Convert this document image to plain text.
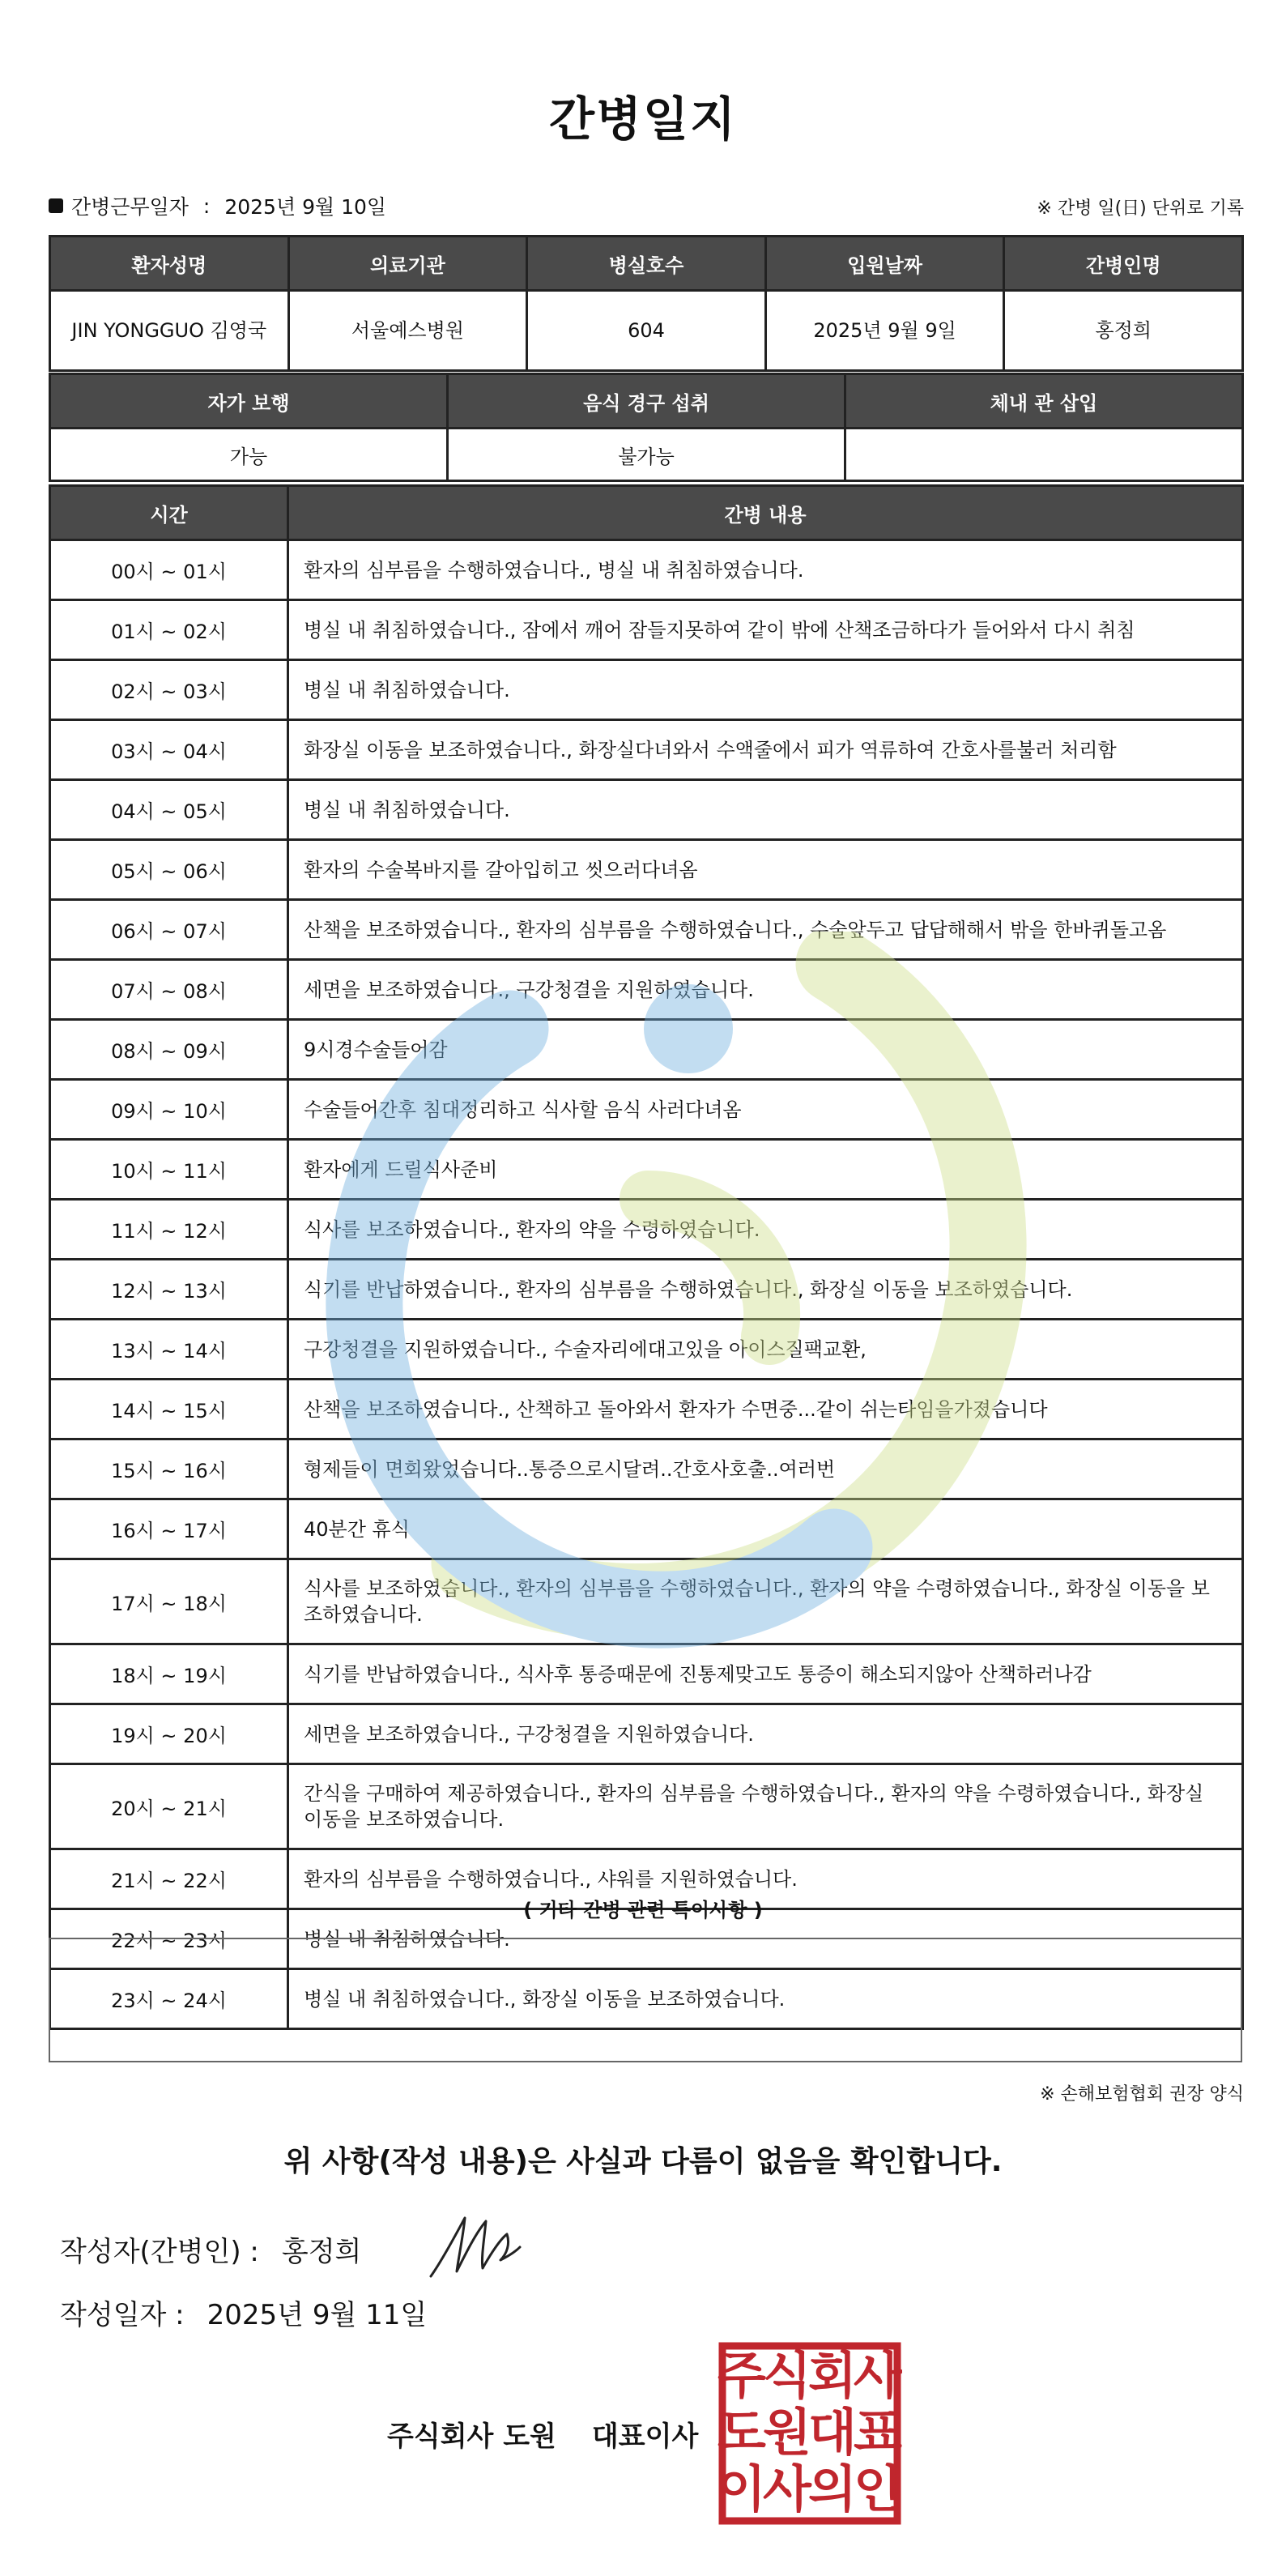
간병일지
간병근무일자 : 2025년 9월 10일	※ 간병 일(日) 단위로 기록
환자성명	의료기관	병실호수	입원날짜	간병인명
JIN YONGGUO 김영국	서울예스병원	604	2025년 9월 9일	홍정희
자가 보행	음식 경구 섭취	체내 관 삽입
가능	불가능	
시간	간병 내용
00시 ~ 01시	환자의 심부름을 수행하였습니다., 병실 내 취침하였습니다.
01시 ~ 02시	병실 내 취침하였습니다., 잠에서 깨어 잠들지못하여 같이 밖에 산책조금하다가 들어와서 다시 취침
02시 ~ 03시	병실 내 취침하였습니다.
03시 ~ 04시	화장실 이동을 보조하였습니다., 화장실다녀와서 수액줄에서 피가 역류하여 간호사를불러 처리함
04시 ~ 05시	병실 내 취침하였습니다.
05시 ~ 06시	환자의 수술복바지를 갈아입히고 씻으러다녀옴
06시 ~ 07시	산책을 보조하였습니다., 환자의 심부름을 수행하였습니다., 수술앞두고 답답해해서 밖을 한바퀴돌고옴
07시 ~ 08시	세면을 보조하였습니다., 구강청결을 지원하였습니다.
08시 ~ 09시	9시경수술들어감
09시 ~ 10시	수술들어간후 침대정리하고 식사할 음식 사러다녀옴
10시 ~ 11시	환자에게 드릴식사준비
11시 ~ 12시	식사를 보조하였습니다., 환자의 약을 수령하였습니다.
12시 ~ 13시	식기를 반납하였습니다., 환자의 심부름을 수행하였습니다., 화장실 이동을 보조하였습니다.
13시 ~ 14시	구강청결을 지원하였습니다., 수술자리에대고있을 아이스질팩교환,
14시 ~ 15시	산책을 보조하였습니다., 산책하고 돌아와서 환자가 수면중...같이 쉬는타임을가졌습니다
15시 ~ 16시	형제들이 면회왔었습니다..통증으로시달려..간호사호출..여러번
16시 ~ 17시	40분간 휴식
17시 ~ 18시	식사를 보조하였습니다., 환자의 심부름을 수행하였습니다., 환자의 약을 수령하였습니다., 화장실 이동을 보조하였습니다.
18시 ~ 19시	식기를 반납하였습니다., 식사후 통증때문에 진통제맞고도 통증이 해소되지않아 산책하러나감
19시 ~ 20시	세면을 보조하였습니다., 구강청결을 지원하였습니다.
20시 ~ 21시	간식을 구매하여 제공하였습니다., 환자의 심부름을 수행하였습니다., 환자의 약을 수령하였습니다., 화장실 이동을 보조하였습니다.
21시 ~ 22시	환자의 심부름을 수행하였습니다., 샤워를 지원하였습니다.
22시 ~ 23시	병실 내 취침하였습니다.
23시 ~ 24시	병실 내 취침하였습니다., 화장실 이동을 보조하였습니다.
( 기타 간병 관련 특이사항 )
※ 손해보험협회 권장 양식
위 사항(작성 내용)은 사실과 다름이 없음을 확인합니다.
작성자(간병인) : 홍정희
작성일자 : 2025년 9월 11일
주식회사 도원 대표이사
주
식
회
사
도
원
대
표
이
사
의
인
